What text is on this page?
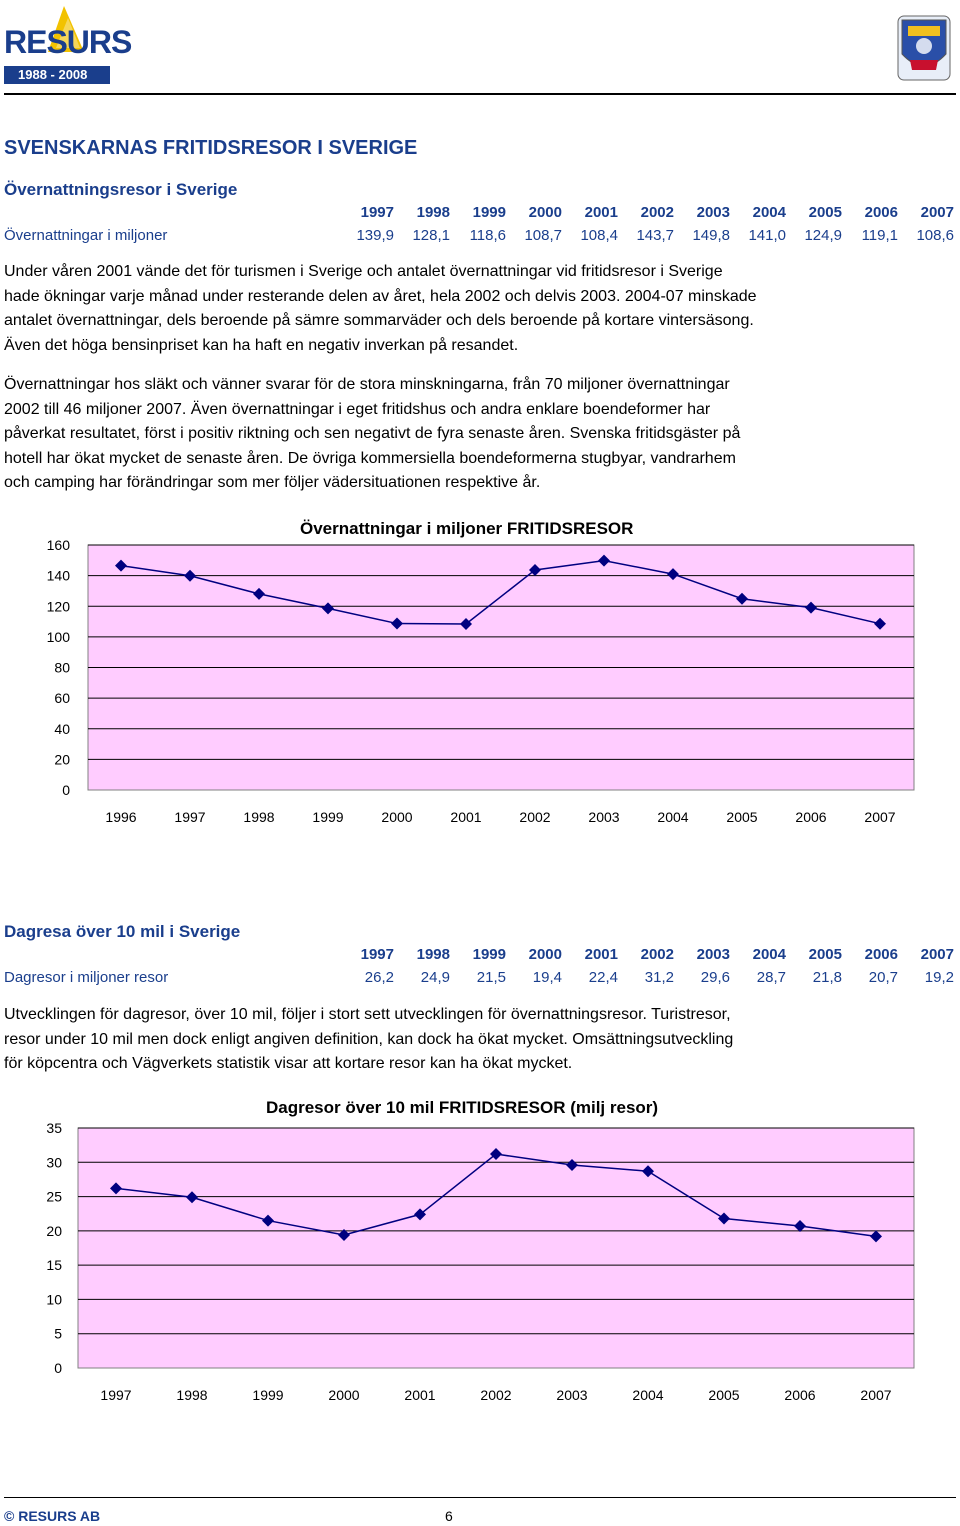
RESURS
1988 - 2008
SVENSKARNAS FRITIDSRESOR I SVERIGE
Övernattningsresor i Sverige
1997	1998	1999	2000	2001	2002	2003	2004	2005	2006	2007
Övernattningar i miljoner	139,9	128,1	118,6	108,7	108,4	143,7	149,8	141,0	124,9	119,1	108,6
Under våren 2001 vände det för turismen i Sverige och antalet övernattningar vid fritidsresor i Sverige
hade ökningar varje månad under resterande delen av året, hela 2002 och delvis 2003. 2004-07 minskade
antalet övernattningar, dels beroende på sämre sommarväder och dels beroende på kortare vintersäsong.
Även det höga bensinpriset kan ha haft en negativ inverkan på resandet.
Övernattningar hos släkt och vänner svarar för de stora minskningarna, från 70 miljoner övernattningar
2002 till 46 miljoner 2007. Även övernattningar i eget fritidshus och andra enklare boendeformer har
påverkat resultatet, först i positiv riktning och sen negativt de fyra senaste åren. Svenska fritidsgäster på
hotell har ökat mycket de senaste åren. De övriga kommersiella boendeformerna stugbyar, vandrarhem
och camping har förändringar som mer följer vädersituationen respektive år.
0
20
40
60
80
100
120
140
160
Övernattningar i miljoner FRITIDSRESOR
1996	1997	1998	1999	2000	2001	2002	2003	2004	2005	2006	2007
Dagresa över 10 mil i Sverige
1997	1998	1999	2000	2001	2002	2003	2004	2005	2006	2007
Dagresor i miljoner resor	26,2	24,9	21,5	19,4	22,4	31,2	29,6	28,7	21,8	20,7	19,2
Utvecklingen för dagresor, över 10 mil, följer i stort sett utvecklingen för övernattningsresor. Turistresor,
resor under 10 mil men dock enligt angiven definition, kan dock ha ökat mycket. Omsättningsutveckling
för köpcentra och Vägverkets statistik visar att kortare resor kan ha ökat mycket.
0
5
10
15
20
25
30
35
Dagresor över 10 mil FRITIDSRESOR (milj resor)
1997	1998	1999	2000	2001	2002	2003	2004	2005	2006	2007
© RESURS AB	6
